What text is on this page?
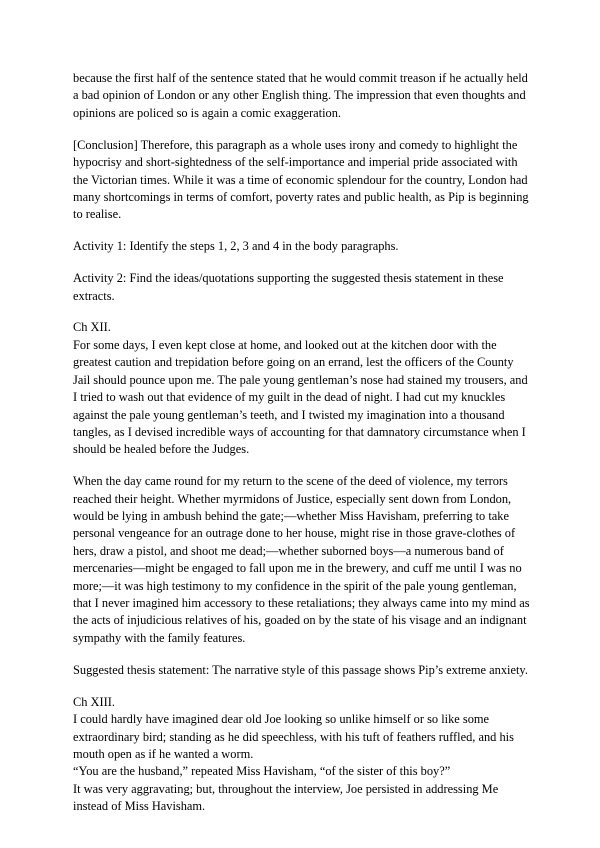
because the first half of the sentence stated that he would commit treason if he actually held a bad opinion of London or any other English thing. The impression that even thoughts and opinions are policed so is again a comic exaggeration.

[Conclusion] Therefore, this paragraph as a whole uses irony and comedy to highlight the hypocrisy and short-sightedness of the self-importance and imperial pride associated with the Victorian times. While it was a time of economic splendour for the country, London had many shortcomings in terms of comfort, poverty rates and public health, as Pip is beginning to realise.

Activity 1: Identify the steps 1, 2, 3 and 4 in the body paragraphs.

Activity 2: Find the ideas/quotations supporting the suggested thesis statement in these extracts.

Ch XII.

For some days, I even kept close at home, and looked out at the kitchen door with the greatest caution and trepidation before going on an errand, lest the officers of the County Jail should pounce upon me. The pale young gentleman’s nose had stained my trousers, and I tried to wash out that evidence of my guilt in the dead of night. I had cut my knuckles against the pale young gentleman’s teeth, and I twisted my imagination into a thousand tangles, as I devised incredible ways of accounting for that damnatory circumstance when I should be healed before the Judges.

When the day came round for my return to the scene of the deed of violence, my terrors reached their height. Whether myrmidons of Justice, especially sent down from London, would be lying in ambush behind the gate;—whether Miss Havisham, preferring to take personal vengeance for an outrage done to her house, might rise in those grave-clothes of hers, draw a pistol, and shoot me dead;—whether suborned boys—a numerous band of mercenaries—might be engaged to fall upon me in the brewery, and cuff me until I was no more;—it was high testimony to my confidence in the spirit of the pale young gentleman, that I never imagined him accessory to these retaliations; they always came into my mind as the acts of injudicious relatives of his, goaded on by the state of his visage and an indignant sympathy with the family features.

Suggested thesis statement: The narrative style of this passage shows Pip’s extreme anxiety.

Ch XIII.

I could hardly have imagined dear old Joe looking so unlike himself or so like some extraordinary bird; standing as he did speechless, with his tuft of feathers ruffled, and his mouth open as if he wanted a worm.

“You are the husband,” repeated Miss Havisham, “of the sister of this boy?”

It was very aggravating; but, throughout the interview, Joe persisted in addressing Me instead of Miss Havisham.
